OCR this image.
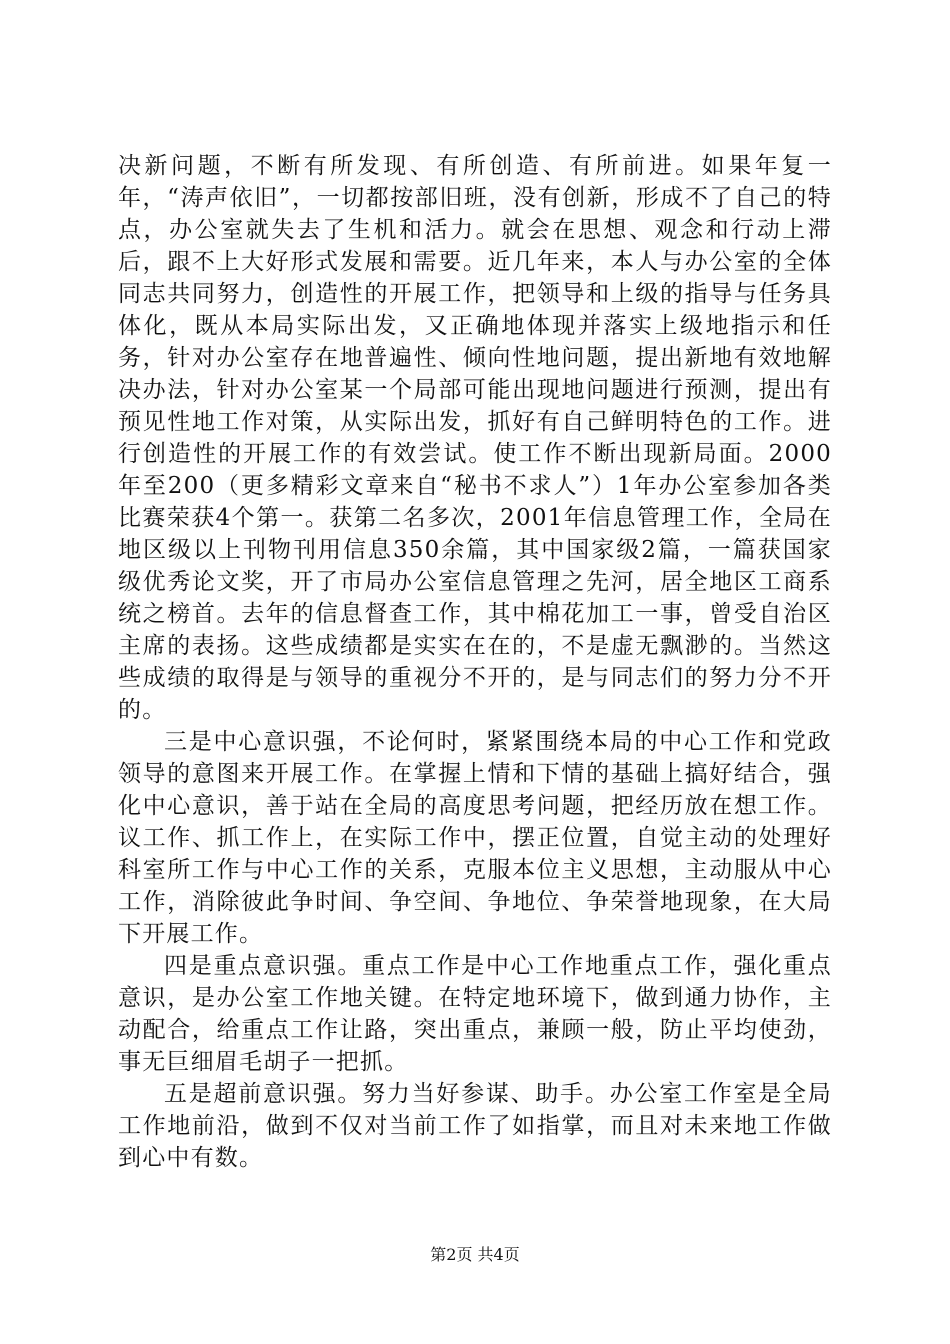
决新问题，不断有所发现、有所创造、有所前进。如果年复一年，“涛声依旧”，一切都按部旧班，没有创新，形成不了自己的特点，办公室就失去了生机和活力。就会在思想、观念和行动上滞后，跟不上大好形式发展和需要。近几年来，本人与办公室的全体同志共同努力，创造性的开展工作，把领导和上级的指导与任务具体化，既从本局实际出发，又正确地体现并落实上级地指示和任务，针对办公室存在地普遍性、倾向性地问题，提出新地有效地解决办法，针对办公室某一个局部可能出现地问题进行预测，提出有预见性地工作对策，从实际出发，抓好有自己鲜明特色的工作。进行创造性的开展工作的有效尝试。使工作不断出现新局面。2000年至200（更多精彩文章来自“秘书不求人”）1年办公室参加各类比赛荣获4个第一。获第二名多次，2001年信息管理工作，全局在地区级以上刊物刊用信息350余篇，其中国家级2篇，一篇获国家级优秀论文奖，开了市局办公室信息管理之先河，居全地区工商系统之榜首。去年的信息督查工作，其中棉花加工一事，曾受自治区主席的表扬。这些成绩都是实实在在的，不是虚无飘渺的。当然这些成绩的取得是与领导的重视分不开的，是与同志们的努力分不开的。

三是中心意识强，不论何时，紧紧围绕本局的中心工作和党政领导的意图来开展工作。在掌握上情和下情的基础上搞好结合，强化中心意识，善于站在全局的高度思考问题，把经历放在想工作。议工作、抓工作上，在实际工作中，摆正位置，自觉主动的处理好科室所工作与中心工作的关系，克服本位主义思想，主动服从中心工作，消除彼此争时间、争空间、争地位、争荣誉地现象，在大局下开展工作。

四是重点意识强。重点工作是中心工作地重点工作，强化重点意识，是办公室工作地关键。在特定地环境下，做到通力协作，主动配合，给重点工作让路，突出重点，兼顾一般，防止平均使劲，事无巨细眉毛胡子一把抓。

五是超前意识强。努力当好参谋、助手。办公室工作室是全局工作地前沿，做到不仅对当前工作了如指掌，而且对未来地工作做到心中有数。

第2页 共4页
